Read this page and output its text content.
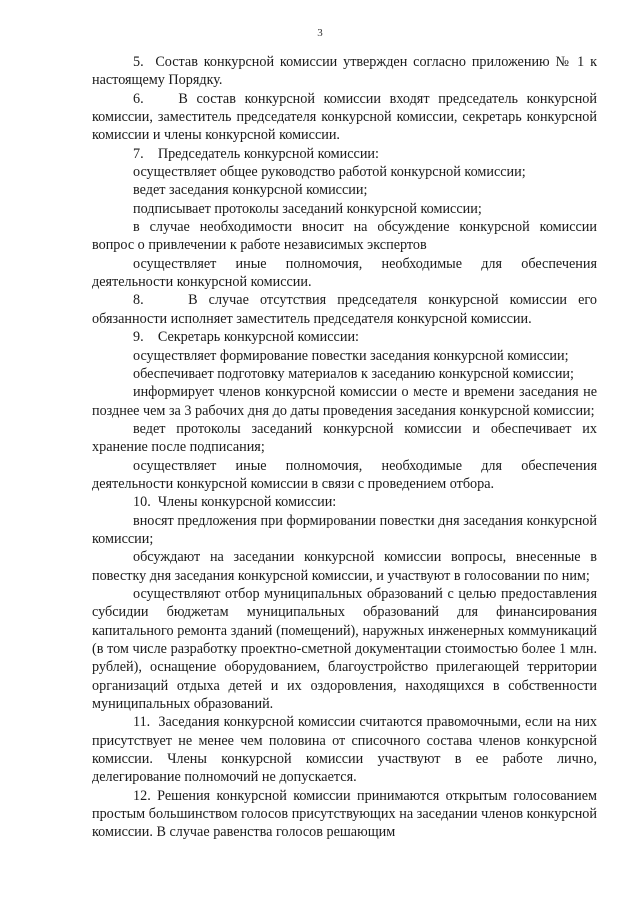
3

5.  Состав конкурсной комиссии утвержден согласно приложению № 1 к настоящему Порядку.

6.    В состав конкурсной комиссии входят председатель конкурсной комиссии, заместитель председателя конкурсной комиссии, секретарь конкурсной комиссии и члены конкурсной комиссии.

7.    Председатель конкурсной комиссии:

осуществляет общее руководство работой конкурсной комиссии;

ведет заседания конкурсной комиссии;

подписывает протоколы заседаний конкурсной комиссии;

в случае необходимости вносит на обсуждение конкурсной комиссии вопрос о привлечении к работе независимых экспертов

осуществляет иные полномочия, необходимые для обеспечения деятельности конкурсной комиссии.

8.    В случае отсутствия председателя конкурсной комиссии его обязанности исполняет заместитель председателя конкурсной комиссии.

9.    Секретарь конкурсной комиссии:

осуществляет формирование повестки заседания конкурсной комиссии;

обеспечивает подготовку материалов к заседанию конкурсной комиссии;

информирует членов конкурсной комиссии о месте и времени заседания не позднее чем за 3 рабочих дня до даты проведения заседания конкурсной комиссии;

ведет протоколы заседаний конкурсной комиссии и обеспечивает их хранение после подписания;

осуществляет иные полномочия, необходимые для обеспечения деятельности конкурсной комиссии в связи с проведением отбора.

10.  Члены конкурсной комиссии:

вносят предложения при формировании повестки дня заседания конкурсной комиссии;

обсуждают на заседании конкурсной комиссии вопросы, внесенные в повестку дня заседания конкурсной комиссии, и участвуют в голосовании по ним;

осуществляют отбор муниципальных образований с целью предоставления субсидии бюджетам муниципальных образований для финансирования капитального ремонта зданий (помещений), наружных инженерных коммуникаций (в том числе разработку проектно-сметной документации стоимостью более 1 млн. рублей), оснащение оборудованием, благоустройство прилегающей территории организаций отдыха детей и их оздоровления, находящихся в собственности муниципальных образований.

11.  Заседания конкурсной комиссии считаются правомочными, если на них присутствует не менее чем половина от списочного состава членов конкурсной комиссии. Члены конкурсной комиссии участвуют в ее работе лично, делегирование полномочий не допускается.

12. Решения конкурсной комиссии принимаются открытым голосованием простым большинством голосов присутствующих на заседании членов конкурсной комиссии. В случае равенства голосов решающим
